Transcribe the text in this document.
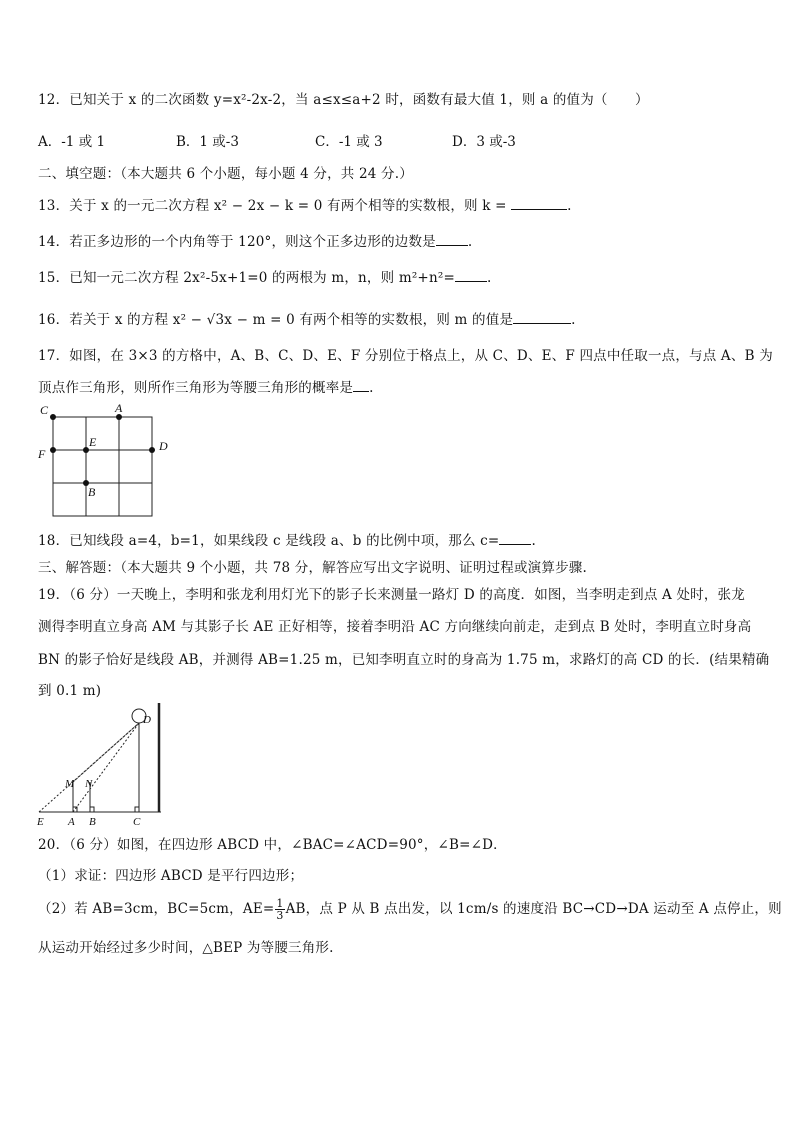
12．已知关于 x 的二次函数 y=x²-2x-2，当 a≤x≤a+2 时，函数有最大值 1，则 a 的值为（　　）
A．-1 或 1	B．1 或-3	C．-1 或 3	D．3 或-3
二、填空题：（本大题共 6 个小题，每小题 4 分，共 24 分.）
13．关于 x 的一元二次方程 x² − 2x − k = 0 有两个相等的实数根，则 k =	.
14．若正多边形的一个内角等于 120°，则这个正多边形的边数是 .
15．已知一元二次方程 2x²-5x+1=0 的两根为 m，n，则 m²+n²= .
16．若关于 x 的方程 x² − √3x − m = 0 有两个相等的实数根，则 m 的值是	.
17．如图，在 3×3 的方格中，A、B、C、D、E、F 分别位于格点上，从 C、D、E、F 四点中任取一点，与点 A、B 为
顶点作三角形，则所作三角形为等腰三角形的概率是 .
C	A
E	D
F
B
18．已知线段 a=4，b=1，如果线段 c 是线段 a、b 的比例中项，那么 c= .
三、解答题：（本大题共 9 个小题，共 78 分，解答应写出文字说明、证明过程或演算步骤.
19．（6 分）一天晚上，李明和张龙利用灯光下的影子长来测量一路灯 D 的高度．如图，当李明走到点 A 处时，张龙
测得李明直立身高 AM 与其影子长 AE 正好相等，接着李明沿 AC 方向继续向前走，走到点 B 处时，李明直立时身高
BN 的影子恰好是线段 AB，并测得 AB=1.25 m，已知李明直立时的身高为 1.75 m，求路灯的高 CD 的长．(结果精确
到 0.1 m)
D
M N
E A B	C
20．（6 分）如图，在四边形 ABCD 中，∠BAC=∠ACD=90°，∠B=∠D．
（1）求证：四边形 ABCD 是平行四边形；
（2）若 AB=3cm，BC=5cm，$AE= \frac{1}{3}$ AB，点 P 从 B 点出发，以 1cm/s 的速度沿 BC→CD→DA 运动至 A 点停止，则
从运动开始经过多少时间，△BEP 为等腰三角形.
